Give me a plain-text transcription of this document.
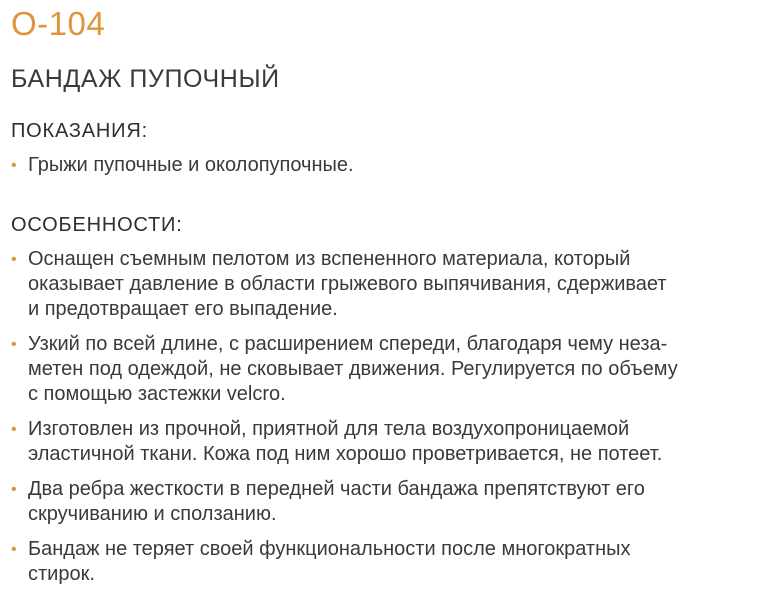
О-104
БАНДАЖ ПУПОЧНЫЙ
ПОКАЗАНИЯ:
• Грыжи пупочные и околопупочные.
ОСОБЕННОСТИ:
• Оснащен съемным пелотом из вспененного материала, который
оказывает давление в области грыжевого выпячивания, сдерживает
и предотвращает его выпадение.
• Узкий по всей длине, с расширением спереди, благодаря чему неза-
метен под одеждой, не сковывает движения. Регулируется по объему
с помощью застежки velcro.
• Изготовлен из прочной, приятной для тела воздухопроницаемой
эластичной ткани. Кожа под ним хорошо проветривается, не потеет.
• Два ребра жесткости в передней части бандажа препятствуют его
скручиванию и сползанию.
• Бандаж не теряет своей функциональности после многократных
стирок.
